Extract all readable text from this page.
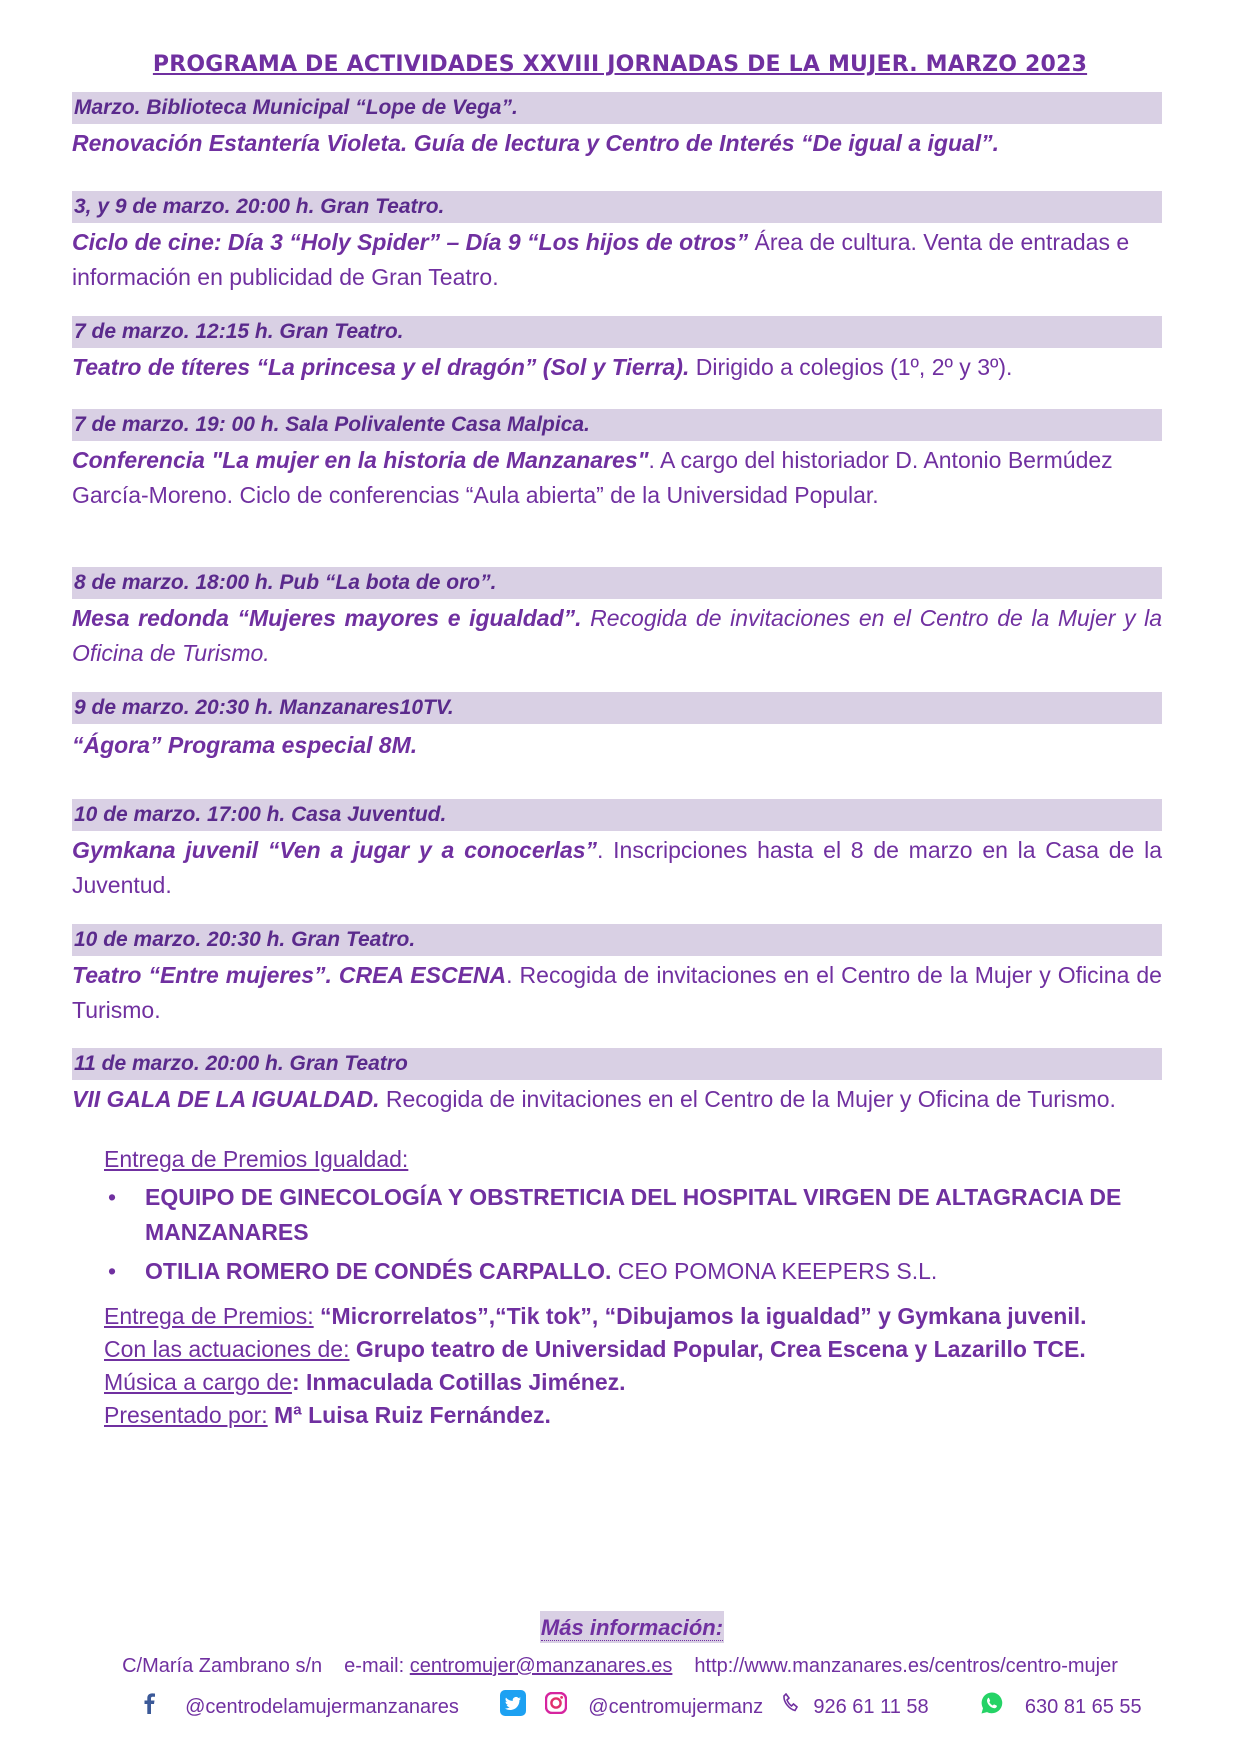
PROGRAMA DE ACTIVIDADES XXVIII JORNADAS DE LA MUJER. MARZO 2023
Marzo. Biblioteca Municipal “Lope de Vega”.
Renovación Estantería Violeta. Guía de lectura y Centro de Interés “De igual a igual”.
3, y 9 de marzo. 20:00 h. Gran Teatro.
Ciclo de cine: Día 3 “Holy Spider” – Día 9 “Los hijos de otros” Área de cultura. Venta de entradas e información en publicidad de Gran Teatro.
7 de marzo. 12:15 h. Gran Teatro.
Teatro de títeres “La princesa y el dragón” (Sol y Tierra). Dirigido a colegios (1º, 2º y 3º).
7 de marzo. 19: 00 h. Sala Polivalente Casa Malpica.
Conferencia "La mujer en la historia de Manzanares". A cargo del historiador D. Antonio Bermúdez García-Moreno. Ciclo de conferencias “Aula abierta” de la Universidad Popular.
8 de marzo. 18:00 h. Pub “La bota de oro”.
Mesa redonda “Mujeres mayores e igualdad”. Recogida de invitaciones en el Centro de la Mujer y la Oficina de Turismo.
9 de marzo. 20:30 h. Manzanares10TV.
“Ágora” Programa especial 8M.
10 de marzo. 17:00 h. Casa Juventud.
Gymkana juvenil “Ven a jugar y a conocerlas”. Inscripciones hasta el 8 de marzo en la Casa de la Juventud.
10 de marzo. 20:30 h. Gran Teatro.
Teatro “Entre mujeres”. CREA ESCENA. Recogida de invitaciones en el Centro de la Mujer y Oficina de Turismo.
11 de marzo. 20:00 h. Gran Teatro
VII GALA DE LA IGUALDAD. Recogida de invitaciones en el Centro de la Mujer y Oficina de Turismo.
Entrega de Premios Igualdad:
• EQUIPO DE GINECOLOGÍA Y OBSTRETICIA DEL HOSPITAL VIRGEN DE ALTAGRACIA DE MANZANARES
• OTILIA ROMERO DE CONDÉS CARPALLO. CEO POMONA KEEPERS S.L.
Entrega de Premios: “Microrrelatos”,“Tik tok”, “Dibujamos la igualdad” y Gymkana juvenil.
Con las actuaciones de: Grupo teatro de Universidad Popular, Crea Escena y Lazarillo TCE.
Música a cargo de: Inmaculada Cotillas Jiménez.
Presentado por: Mª Luisa Ruiz Fernández.
Más información:
C/María Zambrano s/n e-mail: centromujer@manzanares.es http://www.manzanares.es/centros/centro-mujer
@centrodelamujermanzanares	@centromujermanz	926 61 11 58	630 81 65 55
